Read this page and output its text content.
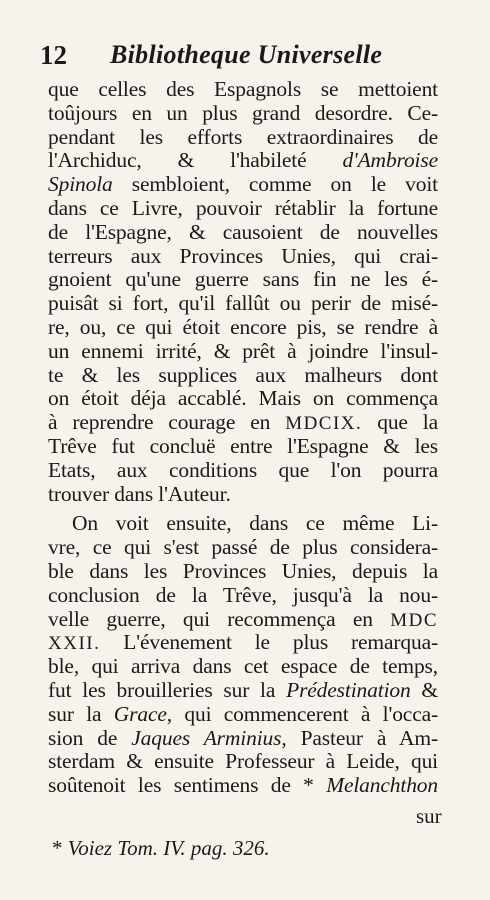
12 Bibliotheque Universelle
que celles des Espagnols se mettoient
toûjours en un plus grand desordre. Ce-
pendant les efforts extraordinaires de
l'Archiduc, & l'habileté d'Ambroise
Spinola sembloient, comme on le voit
dans ce Livre, pouvoir rétablir la fortune
de l'Espagne, & causoient de nouvelles
terreurs aux Provinces Unies, qui crai-
gnoient qu'une guerre sans fin ne les é-
puisât si fort, qu'il fallût ou perir de misé-
re, ou, ce qui étoit encore pis, se rendre à
un ennemi irrité, & prêt à joindre l'insul-
te & les supplices aux malheurs dont
on étoit déja accablé. Mais on commença
à reprendre courage en MDCIX. que la
Trêve fut concluë entre l'Espagne & les
Etats, aux conditions que l'on pourra
trouver dans l'Auteur.
On voit ensuite, dans ce même Li-
vre, ce qui s'est passé de plus considera-
ble dans les Provinces Unies, depuis la
conclusion de la Trêve, jusqu'à la nou-
velle guerre, qui recommença en MDC
XXII. L'évenement le plus remarqua-
ble, qui arriva dans cet espace de temps,
fut les brouilleries sur la Prédestination &
sur la Grace, qui commencerent à l'occa-
sion de Jaques Arminius, Pasteur à Am-
sterdam & ensuite Professeur à Leide, qui
soûtenoit les sentimens de * Melanchthon
sur
* Voiez Tom. IV. pag. 326.
